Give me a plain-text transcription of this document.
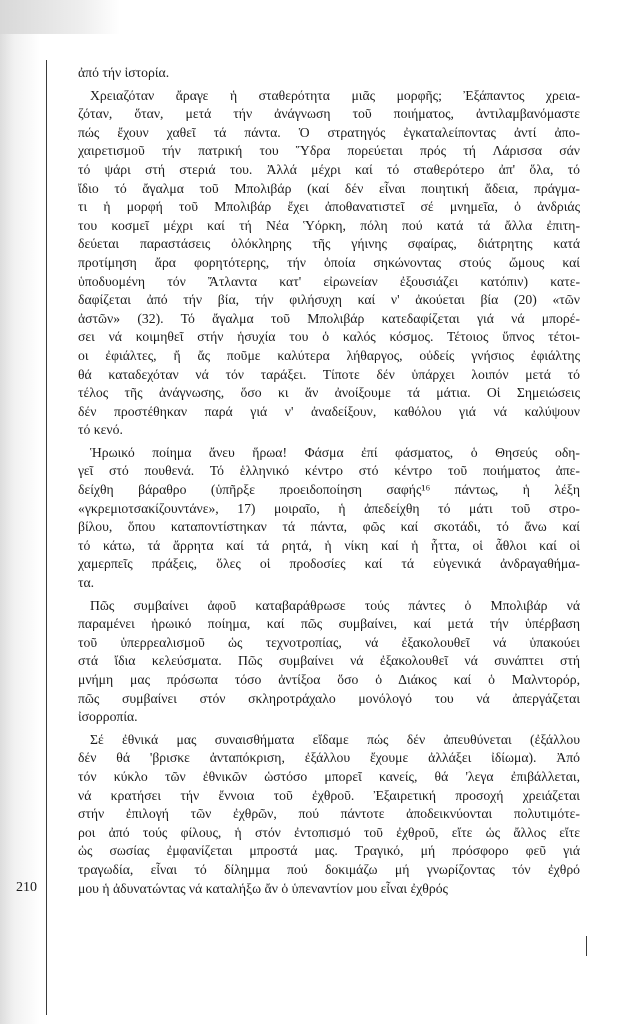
ἀπό τήν ἱστορία.
Χρειαζόταν ἄραγε ἡ σταθερότητα μιᾶς μορφῆς; Ἐξάπαντος χρεια-
ζόταν, ὅταν, μετά τήν ἀνάγνωση τοῦ ποιήματος, ἀντιλαμβανόμαστε
πώς ἔχουν χαθεῖ τά πάντα. Ὁ στρατηγός ἐγκαταλείποντας ἀντί ἀπο-
χαιρετισμοῦ τήν πατρική του Ὕδρα πορεύεται πρός τή Λάρισσα σάν
τό ψάρι στή στεριά του. Ἀλλά μέχρι καί τό σταθερότερο ἀπ' ὅλα, τό
ἴδιο τό ἄγαλμα τοῦ Μπολιβάρ (καί δέν εἶναι ποιητική ἄδεια, πράγμα-
τι ἡ μορφή τοῦ Μπολιβάρ ἔχει ἀποθανατιστεῖ σέ μνημεῖα, ὁ ἀνδριάς
του κοσμεῖ μέχρι καί τή Νέα Ὑόρκη, πόλη πού κατά τά ἄλλα ἐπιτη-
δεύεται παραστάσεις ὁλόκληρης τῆς γήινης σφαίρας, διάτρητης κατά
προτίμηση ἄρα φορητότερης, τήν ὁποία σηκώνοντας στούς ὤμους καί
ὑποδυομένη τόν Ἄτλαντα κατ' εἰρωνείαν ἐξουσιάζει κατόπιν) κατε-
δαφίζεται ἀπό τήν βία, τήν φιλήσυχη καί ν' ἀκούεται βία (20) «τῶν
ἀστῶν» (32). Τό ἄγαλμα τοῦ Μπολιβάρ κατεδαφίζεται γιά νά μπορέ-
σει νά κοιμηθεῖ στήν ἡσυχία του ὁ καλός κόσμος. Τέτοιος ὕπνος τέτοι-
οι ἐφιάλτες, ἤ ἄς ποῦμε καλύτερα λήθαργος, οὐδείς γνήσιος ἐφιάλτης
θά καταδεχόταν νά τόν ταράξει. Τίποτε δέν ὑπάρχει λοιπόν μετά τό
τέλος τῆς ἀνάγνωσης, ὅσο κι ἄν ἀνοίξουμε τά μάτια. Οἱ Σημειώσεις
δέν προστέθηκαν παρά γιά ν' ἀναδείξουν, καθόλου γιά νά καλύψουν
τό κενό.
Ἡρωικό ποίημα ἄνευ ἥρωα! Φάσμα ἐπί φάσματος, ὁ Θησεύς οδη-
γεῖ στό πουθενά. Τό ἑλληνικό κέντρο στό κέντρο τοῦ ποιήματος ἀπε-
δείχθη βάραθρο (ὑπῆρξε προειδοποίηση σαφής¹⁶ πάντως, ἡ λέξη
«γκρεμιοτσακίζουντάνε», 17) μοιραῖο, ἡ ἀπεδείχθη τό μάτι τοῦ στρο-
βίλου, ὅπου καταποντίστηκαν τά πάντα, φῶς καί σκοτάδι, τό ἄνω καί
τό κάτω, τά ἄρρητα καί τά ρητά, ἡ νίκη καί ἡ ἧττα, οἱ ἆθλοι καί οἱ
χαμερπεῖς πράξεις, ὅλες οἱ προδοσίες καί τά εὐγενικά ἀνδραγαθήμα-
τα.
Πῶς συμβαίνει ἀφοῦ καταβαράθρωσε τούς πάντες ὁ Μπολιβάρ νά
παραμένει ἡρωικό ποίημα, καί πῶς συμβαίνει, καί μετά τήν ὑπέρβαση
τοῦ ὑπερρεαλισμοῦ ὡς τεχνοτροπίας, νά ἐξακολουθεῖ νά ὑπακούει
στά ἴδια κελεύσματα. Πῶς συμβαίνει νά ἐξακολουθεῖ νά συνάπτει στή
μνήμη μας πρόσωπα τόσο ἀντίξοα ὅσο ὁ Διάκος καί ὁ Μαλντορόρ,
πῶς συμβαίνει στόν σκληροτράχαλο μονόλογό του νά ἀπεργάζεται
ἰσορροπία.
Σέ ἐθνικά μας συναισθήματα εἴδαμε πώς δέν ἀπευθύνεται (ἐξάλλου
δέν θά 'βρισκε ἀνταπόκριση, ἐξάλλου ἔχουμε ἀλλάξει ἰδίωμα). Ἀπό
τόν κύκλο τῶν ἐθνικῶν ὡστόσο μπορεῖ κανείς, θά 'λεγα ἐπιβάλλεται,
νά κρατήσει τήν ἔννοια τοῦ ἐχθροῦ. Ἐξαιρετική προσοχή χρειάζεται
στήν ἐπιλογή τῶν ἐχθρῶν, πού πάντοτε ἀποδεικνύονται πολυτιμότε-
ροι ἀπό τούς φίλους, ἡ στόν ἐντοπισμό τοῦ ἐχθροῦ, εἴτε ὡς ἄλλος εἴτε
ὡς σωσίας ἐμφανίζεται μπροστά μας. Τραγικό, μή πρόσφορο φεῦ γιά
τραγωδία, εἶναι τό δίλημμα πού δοκιμάζω μή γνωρίζοντας τόν ἐχθρό
μου ἡ ἀδυνατώντας νά καταλήξω ἄν ὁ ὑπεναντίον μου εἶναι ἐχθρός
210
